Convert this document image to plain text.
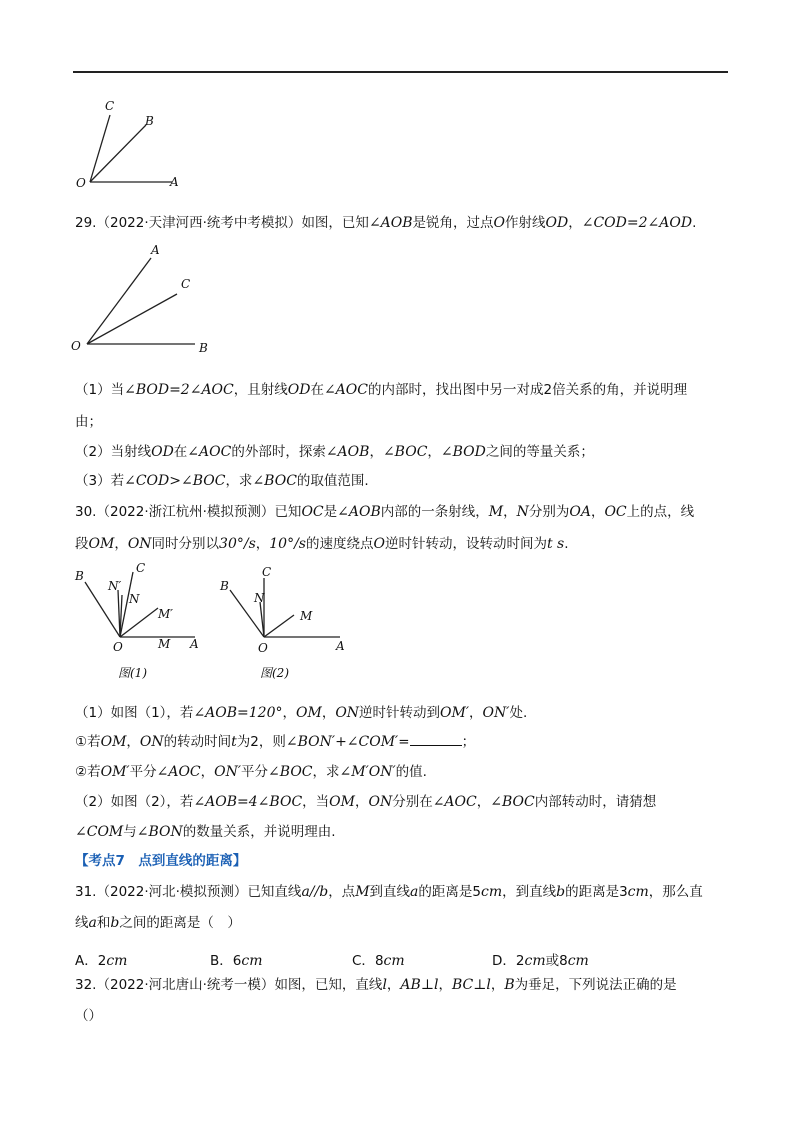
C
B
O	A
29.（2022·天津河西·统考中考模拟）如图，已知∠AOB是锐角，过点O作射线OD，∠COD=2∠AOD.
A
C
O	B
（1）当∠BOD=2∠AOC，且射线OD在∠AOC的内部时，找出图中另一对成2倍关系的角，并说明理
由；
（2）当射线OD在∠AOC的外部时，探索∠AOB，∠BOC，∠BOD之间的等量关系；
（3）若∠COD>∠BOC，求∠BOC的取值范围.
30.（2022·浙江杭州·模拟预测）已知OC是∠AOB内部的一条射线，M，N分别为OA，OC上的点，线
段OM，ON同时分别以30°/s，10°/s的速度绕点O逆时针转动，设转动时间为t s.
B
N′
C
N
M′
O	M A
图(1)
B
C
N
M
O	A
图(2)
（1）如图（1），若∠AOB=120°，OM，ON逆时针转动到OM′，ON′处.
①若OM，ON的转动时间t为2，则∠BON′+∠COM′=	；
②若OM′平分∠AOC，ON′平分∠BOC，求∠M′ON′的值.
（2）如图（2），若∠AOB=4∠BOC，当OM，ON分别在∠AOC，∠BOC内部转动时，请猜想
∠COM与∠BON的数量关系，并说明理由.
【考点7　点到直线的距离】
31.（2022·河北·模拟预测）已知直线a//b，点M到直线a的距离是5cm，到直线b的距离是3cm，那么直
线a和b之间的距离是（　）
A．2cm	B．6cm	C．8cm	D．2cm或8cm
32.（2022·河北唐山·统考一模）如图，已知，直线l，AB⊥l，BC⊥l，B为垂足，下列说法正确的是
（）
